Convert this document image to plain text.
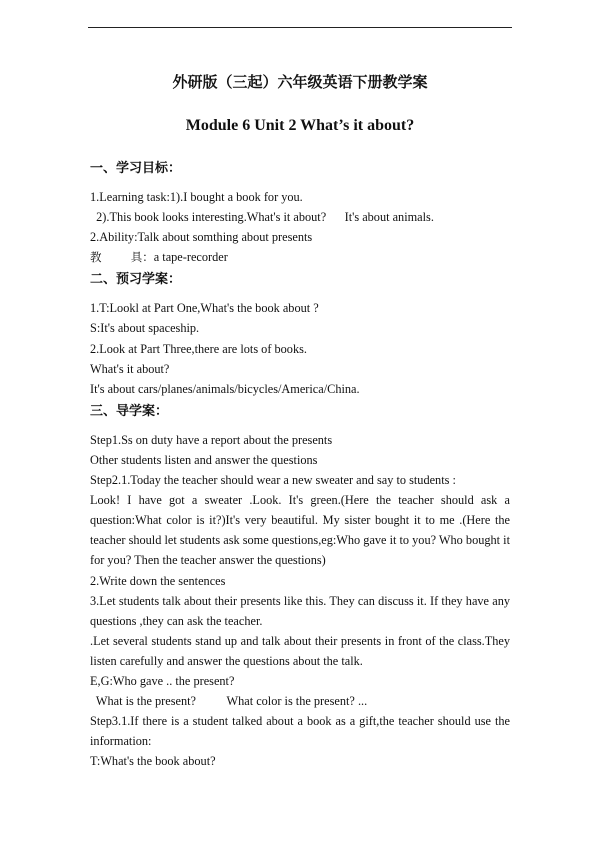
外研版（三起）六年级英语下册教学案
Module 6 Unit 2 What’s it about?
一、学习目标：
1.Learning task:1).I bought a book for you.
2).This book looks interesting.What's it about?      It's about animals.
2.Ability:Talk about somthing about presents
教        具：a tape-recorder
二、预习学案：
1.T:Lookl at Part One,What's the book about ?
S:It's about spaceship.
2.Look at Part Three,there are lots of books.
What's it about?
It's about cars/planes/animals/bicycles/America/China.
三、导学案：
Step1.Ss on duty have a report about the presents
Other students listen and answer the questions
Step2.1.Today the teacher should wear a new sweater and say to students :
Look! I have got a sweater .Look. It's green.(Here the teacher should ask a
question:What color is it?)It's very beautiful. My sister bought it to me .(Here the
teacher should let students ask some questions,eg:Who gave it to you? Who bought it
for you? Then the teacher answer the questions)
2.Write down the sentences
3.Let students talk about their presents like this. They can discuss it. If they have any
questions ,they can ask the teacher.
.Let several students stand up and talk about their presents in front of the class.They
listen carefully and answer the questions about the talk.
E,G:Who gave .. the present?
What is the present?          What color is the present? ...
Step3.1.If there is a student talked about a book as a gift,the teacher should use the
information:
T:What's the book about?
